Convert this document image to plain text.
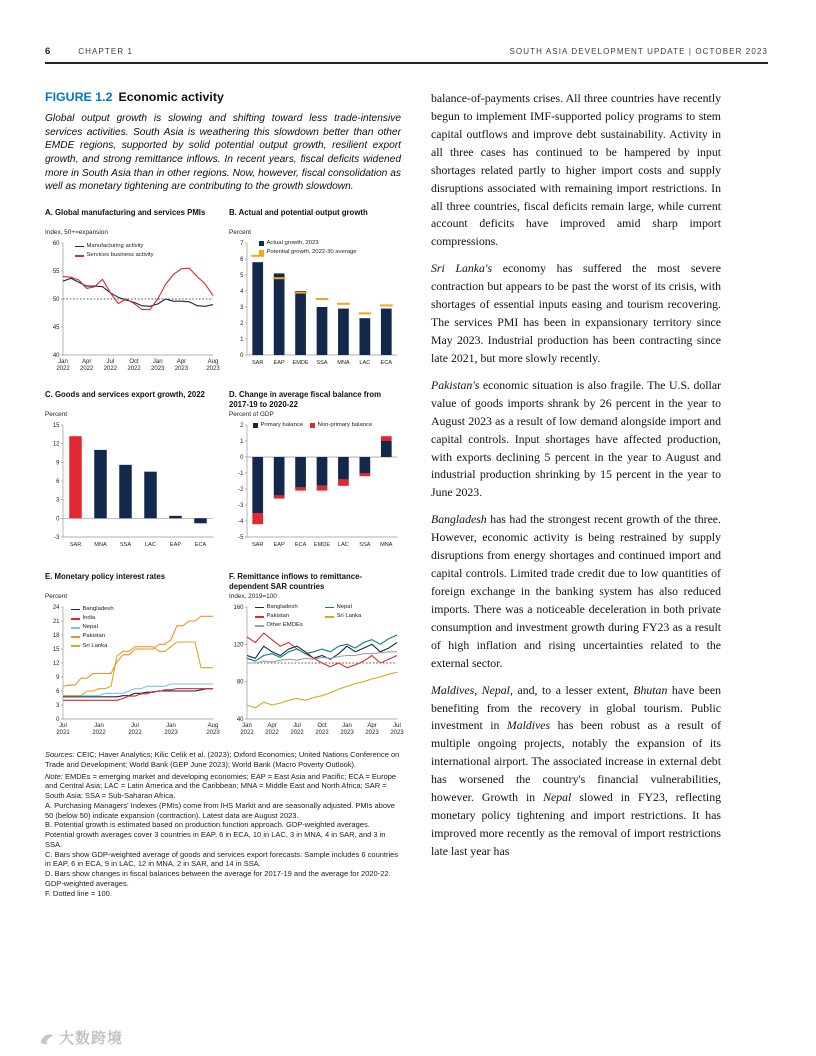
6	CHAPTER 1	SOUTH ASIA DEVELOPMENT UPDATE | OCTOBER 2023
FIGURE 1.2 Economic activity

Global output growth is slowing and shifting toward less trade-intensive services activities. South Asia is weathering this slowdown better than other EMDE regions, supported by solid potential output growth, resilient export growth, and strong remittance inflows. In recent years, fiscal deficits widened more in South Asia than in other regions. Now, however, fiscal consolidation as well as monetary tightening are contributing to the growth slowdown.

A. Global manufacturing and services PMIs
Index, 50+=expansion
Manufacturing activity
Services business activity
40
45
50
55
60
Jan
2022
Apr
2022
Jul
2022
Oct
2022
Jan
2023
Apr
2023
Aug
2023
B. Actual and potential output growth
Percent
Actual growth, 2023
Potential growth, 2022-30 average
0
1
2
3
4
5
6
7
SAR EAP EMDE SSA MNA LAC ECA
C. Goods and services export growth, 2022
Percent
-3
0
3
6
9
12
15
SAR MNA SSA LAC EAP ECA
D. Change in average fiscal balance from 2017-19 to 2020-22
Percent of GDP
Primary balance Non-primary balance
-5
-4
-3
-2
-1
0
1
2
SAR EAP ECA EMDE LAC SSA MNA
E. Monetary policy interest rates
Percent
Bangladesh
India
Nepal
Pakistan
Sri Lanka
0
3
6
9
12
15
18
21
24
Jul
2021
Jan
2022
Jul
2022
Jan
2023
Aug
2023
F. Remittance inflows to remittance-dependent SAR countries
Index, 2019=100
Bangladesh
Pakistan
Other EMDEs
Nepal
Sri Lanka
40
80
120
160
Jan
2022
Apr
2022
Jul
2022
Oct
2022
Jan
2023
Apr
2023
Jul
2023

Sources: CEIC; Haver Analytics; Kilic Celik et al. (2023); Oxford Economics; United Nations Conference on Trade and Development; World Bank (GEP June 2023); World Bank (Macro Poverty Outlook).

Note: EMDEs = emerging market and developing economies; EAP = East Asia and Pacific; ECA = Europe and Central Asia; LAC = Latin America and the Caribbean; MNA = Middle East and North Africa; SAR = South Asia; SSA = Sub-Saharan Africa.
A. Purchasing Managers' Indexes (PMIs) come from IHS Markit and are seasonally adjusted. PMIs above 50 (below 50) indicate expansion (contraction). Latest data are August 2023.
B. Potential growth is estimated based on production function approach. GDP-weighted averages. Potential growth averages cover 3 countries in EAP, 6 in ECA, 10 in LAC, 3 in MNA, 4 in SAR, and 3 in SSA.
C. Bars show GDP-weighted average of goods and services export forecasts. Sample includes 6 countries in EAP, 6 in ECA, 9 in LAC, 12 in MNA, 2 in SAR, and 14 in SSA.
D. Bars show changes in fiscal balances between the average for 2017-19 and the average for 2020-22. GDP-weighted averages.
F. Dotted line = 100.
balance-of-payments crises. All three countries have recently begun to implement IMF-supported policy programs to stem capital outflows and improve debt sustainability. Activity in all three cases has continued to be hampered by input shortages related partly to higher import costs and supply disruptions associated with remaining import restrictions. In all three countries, fiscal deficits remain large, while current account deficits have improved amid sharp import compressions.
Sri Lanka's economy has suffered the most severe contraction but appears to be past the worst of its crisis, with shortages of essential inputs easing and tourism recovering. The services PMI has been in expansionary territory since May 2023. Industrial production has been contracting since late 2021, but more slowly recently.
Pakistan's economic situation is also fragile. The U.S. dollar value of goods imports shrank by 26 percent in the year to August 2023 as a result of low demand alongside import and capital controls. Input shortages have affected production, with exports declining 5 percent in the year to August and industrial production shrinking by 15 percent in the year to June 2023.
Bangladesh has had the strongest recent growth of the three. However, economic activity is being restrained by supply disruptions from energy shortages and continued import and capital controls. Limited trade credit due to low quantities of foreign exchange in the banking system has also reduced imports. There was a noticeable deceleration in both private consumption and investment growth during FY23 as a result of high inflation and rising uncertainties related to the external sector.
Maldives, Nepal, and, to a lesser extent, Bhutan have been benefiting from the recovery in global tourism. Public investment in Maldives has been robust as a result of multiple ongoing projects, notably the expansion of its international airport. The associated increase in external debt has worsened the country's financial vulnerabilities, however. Growth in Nepal slowed in FY23, reflecting monetary policy tightening and import restrictions. It has improved more recently as the removal of import restrictions late last year has
大数跨境
